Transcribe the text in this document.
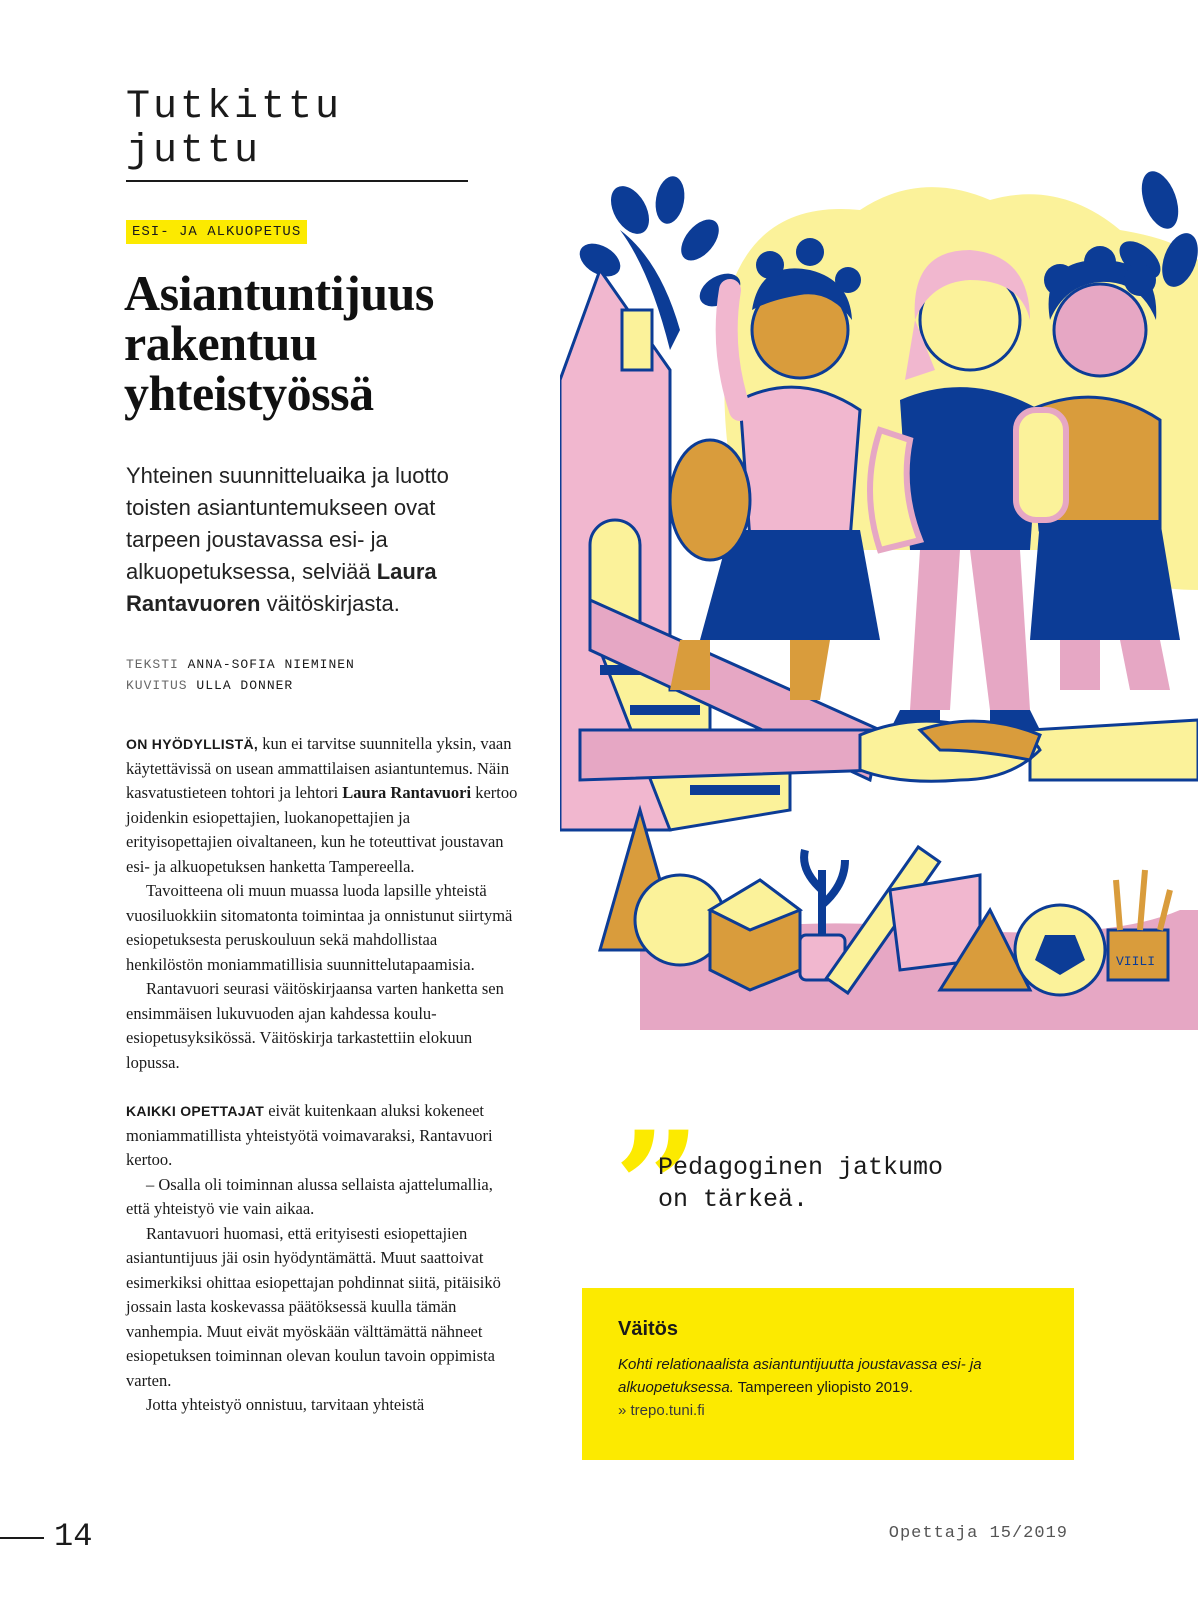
Tutkittu juttu
ESI- JA ALKUOPETUS
Asiantuntijuus
rakentuu
yhteistyössä

Yhteinen suunnitteluaika ja luotto toisten asiantuntemukseen ovat tarpeen joustavassa esi- ja alkuopetuksessa, selviää Laura Rantavuoren väitöskirjasta.

TEKSTI ANNA-SOFIA NIEMINEN
KUVITUS ULLA DONNER

ON HYÖDYLLISTÄ, kun ei tarvitse suunnitella yksin, vaan käytettävissä on usean ammattilaisen asiantuntemus. Näin kasvatustieteen tohtori ja lehtori Laura Rantavuori kertoo joidenkin esiopettajien, luokanopettajien ja erityisopettajien oivaltaneen, kun he toteuttivat joustavan esi- ja alkuopetuksen hanketta Tampereella.

Tavoitteena oli muun muassa luoda lapsille yhteistä vuosiluokkiin sitomatonta toimintaa ja onnistunut siirtymä esiopetuksesta peruskouluun sekä mahdollistaa henkilöstön moniammatillisia suunnittelutapaamisia.

Rantavuori seurasi väitöskirjaansa varten hanketta sen ensimmäisen lukuvuoden ajan kahdessa koulu-esiopetusyksikössä. Väitöskirja tarkastettiin elokuun lopussa.

KAIKKI OPETTAJAT eivät kuitenkaan aluksi kokeneet moniammatillista yhteistyötä voimavaraksi, Rantavuori kertoo.

– Osalla oli toiminnan alussa sellaista ajattelumallia, että yhteistyö vie vain aikaa.

Rantavuori huomasi, että erityisesti esiopettajien asiantuntijuus jäi osin hyödyntämättä. Muut saattoivat esimerkiksi ohittaa esiopettajan pohdinnat siitä, pitäisikö jossain lasta koskevassa päätöksessä kuulla tämän vanhempia. Muut eivät myöskään välttämättä nähneet esiopetuksen toiminnan olevan koulun tavoin oppimista varten.

Jotta yhteistyö onnistuu, tarvitaan yhteistä

VIILI
”
Pedagoginen jatkumo
on tärkeä.
Väitös
Kohti relationaalista asiantuntijuutta joustavassa esi- ja alkuopetuksessa. Tampereen yliopisto 2019.
» trepo.tuni.fi
14	Opettaja 15/2019
